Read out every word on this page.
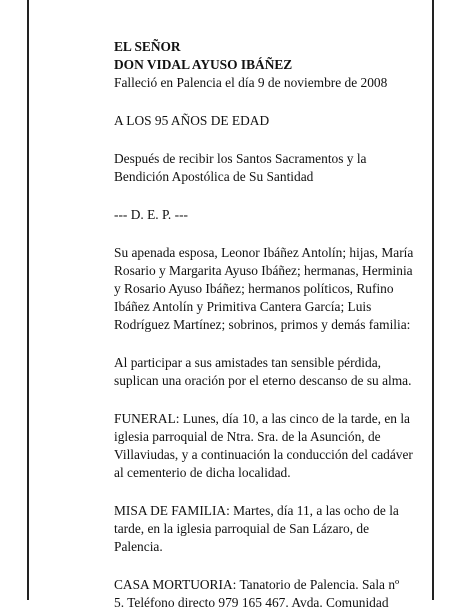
EL SEÑOR

DON VIDAL AYUSO IBÁÑEZ

Falleció en Palencia el día 9 de noviembre de 2008

A LOS 95 AÑOS DE EDAD

Después de recibir los Santos Sacramentos y la
Bendición Apostólica de Su Santidad

--- D. E. P. ---

Su apenada esposa, Leonor Ibáñez Antolín; hijas, María
Rosario y Margarita Ayuso Ibáñez; hermanas, Herminia
y Rosario Ayuso Ibáñez; hermanos políticos, Rufino
Ibáñez Antolín y Primitiva Cantera García; Luis
Rodríguez Martínez; sobrinos, primos y demás familia:

Al participar a sus amistades tan sensible pérdida,
suplican una oración por el eterno descanso de su alma.

FUNERAL: Lunes, día 10, a las cinco de la tarde, en la
iglesia parroquial de Ntra. Sra. de la Asunción, de
Villaviudas, y a continuación la conducción del cadáver
al cementerio de dicha localidad.

MISA DE FAMILIA: Martes, día 11, a las ocho de la
tarde, en la iglesia parroquial de San Lázaro, de
Palencia.

CASA MORTUORIA: Tanatorio de Palencia. Sala nº
5. Teléfono directo 979 165 467. Avda. Comunidad
